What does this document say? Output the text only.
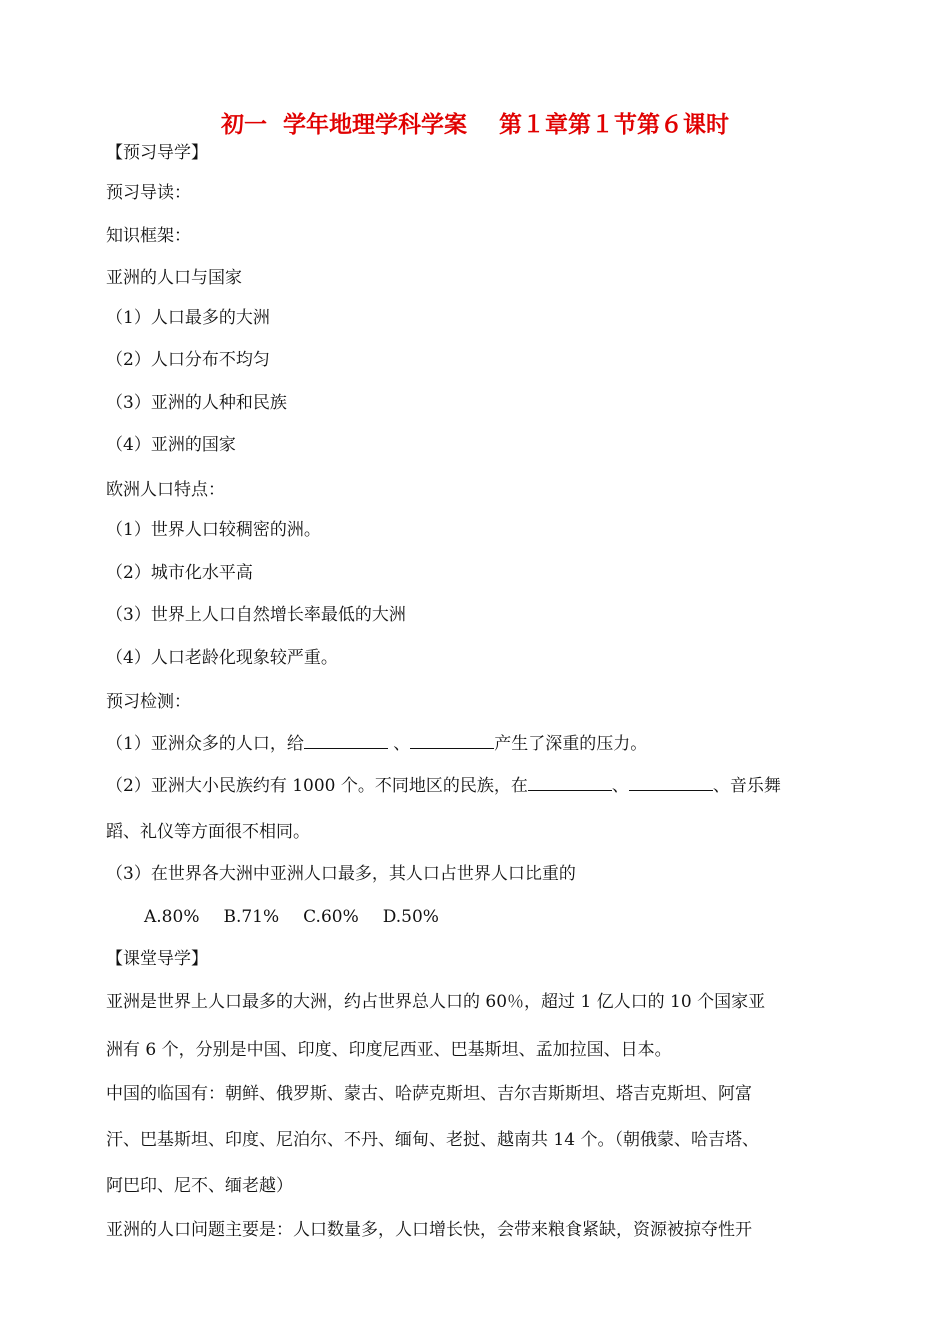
初一  学年地理学科学案    第１章第１节第６课时
【预习导学】
预习导读：
知识框架：
亚洲的人口与国家
（1）人口最多的大洲
（2）人口分布不均匀
（3）亚洲的人种和民族
（4）亚洲的国家
欧洲人口特点：
（1）世界人口较稠密的洲。
（2）城市化水平高
（3）世界上人口自然增长率最低的大洲
（4）人口老龄化现象较严重。
预习检测：
（1）亚洲众多的人口，给	、	产生了深重的压力。
（2）亚洲大小民族约有 1000 个。不同地区的民族，在	、	、音乐舞
蹈、礼仪等方面很不相同。
（3）在世界各大洲中亚洲人口最多，其人口占世界人口比重的
A.80% B.71% C.60% D.50%
【课堂导学】
亚洲是世界上人口最多的大洲，约占世界总人口的 60％，超过 1 亿人口的 10 个国家亚
洲有 6 个，分别是中国、印度、印度尼西亚、巴基斯坦、孟加拉国、日本。
中国的临国有：朝鲜、俄罗斯、蒙古、哈萨克斯坦、吉尔吉斯斯坦、塔吉克斯坦、阿富
汗、巴基斯坦、印度、尼泊尔、不丹、缅甸、老挝、越南共 14 个。（朝俄蒙、哈吉塔、
阿巴印、尼不、缅老越）
亚洲的人口问题主要是：人口数量多，人口增长快，会带来粮食紧缺，资源被掠夺性开
